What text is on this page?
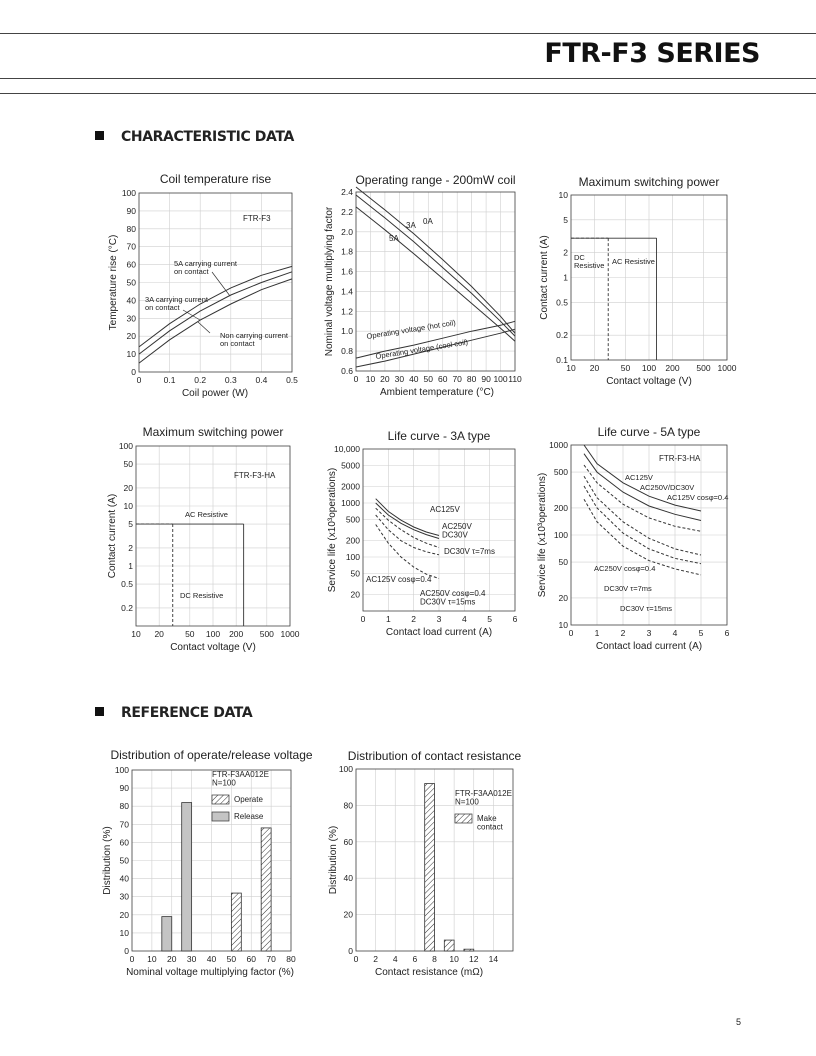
FTR-F3 SERIES
CHARACTERISTIC DATA
REFERENCE DATA
Coil temperature rise
0	0.1 0.2 0.3 0.4 0.5
0
10
20
30
40
50
60
70
80
90
100
Coil power (W)
Temperature rise (°C)
FTR-F3
5A carrying current
on contact
3A carrying current
on contact
Non carrying current
on contact
Operating range - 200mW coil
0 10 20 30 40 50 60 70 80 90 100 110
0.6
0.8
1.0
1.2
1.4
1.6
1.8
2.0
2.2
2.4
Ambient temperature (°C)
Nominal voltage multiplying factor	0A
3A
5A
Operating voltage (hot coil)
Operating voltage (cool coil)
Maximum switching power
10 20	50 100 200 500 1000
0.1
0.2
0.5
1
2
5
10
Contact voltage (V)
Contact current (A)	DC
Resistive AC Resistive
Maximum switching power
10 20 50 100 200 500 1000
0.2
0.5
1
2
5
10
20
50
100
Contact voltage (V)
Contact current (A)
DC Resistive
AC Resistive
FTR-F3-HA
Life curve - 3A type
0 1 2 3 4 5 6
20
50
100
200
500
1000
2000
5000
10,000
Contact load current (A)
Service life (x10³operations)	AC125V
AC250V
DC30V
AC125V cosφ=0.4
AC250V cosφ=0.4
DC30V τ=15ms
DC30V τ=7ms
Life curve - 5A type
0	1	2	3	4	5	6
10
20
50
100
200
500
1000
Contact load current (A)
Service life (x10³operations)
FTR-F3-HA
AC125V
AC250V/DC30V
AC125V cosφ=0.4
AC250V cosφ=0.4
DC30V τ=7ms
DC30V τ=15ms
Distribution of operate/release voltage
0 10 20 30 40 50 60 70 80
0
10
20
30
40
50
60
70
80
90
100
Nominal voltage multiplying factor (%)
Distribution (%)
FTR-F3AA012E
N=100
Operate
Release
Distribution of contact resistance
0 2 4 6 8 10 12 14
0
20
40
60
80
100
Contact resistance (mΩ)
Distribution (%)
FTR-F3AA012E
N=100
Make
contact
5
